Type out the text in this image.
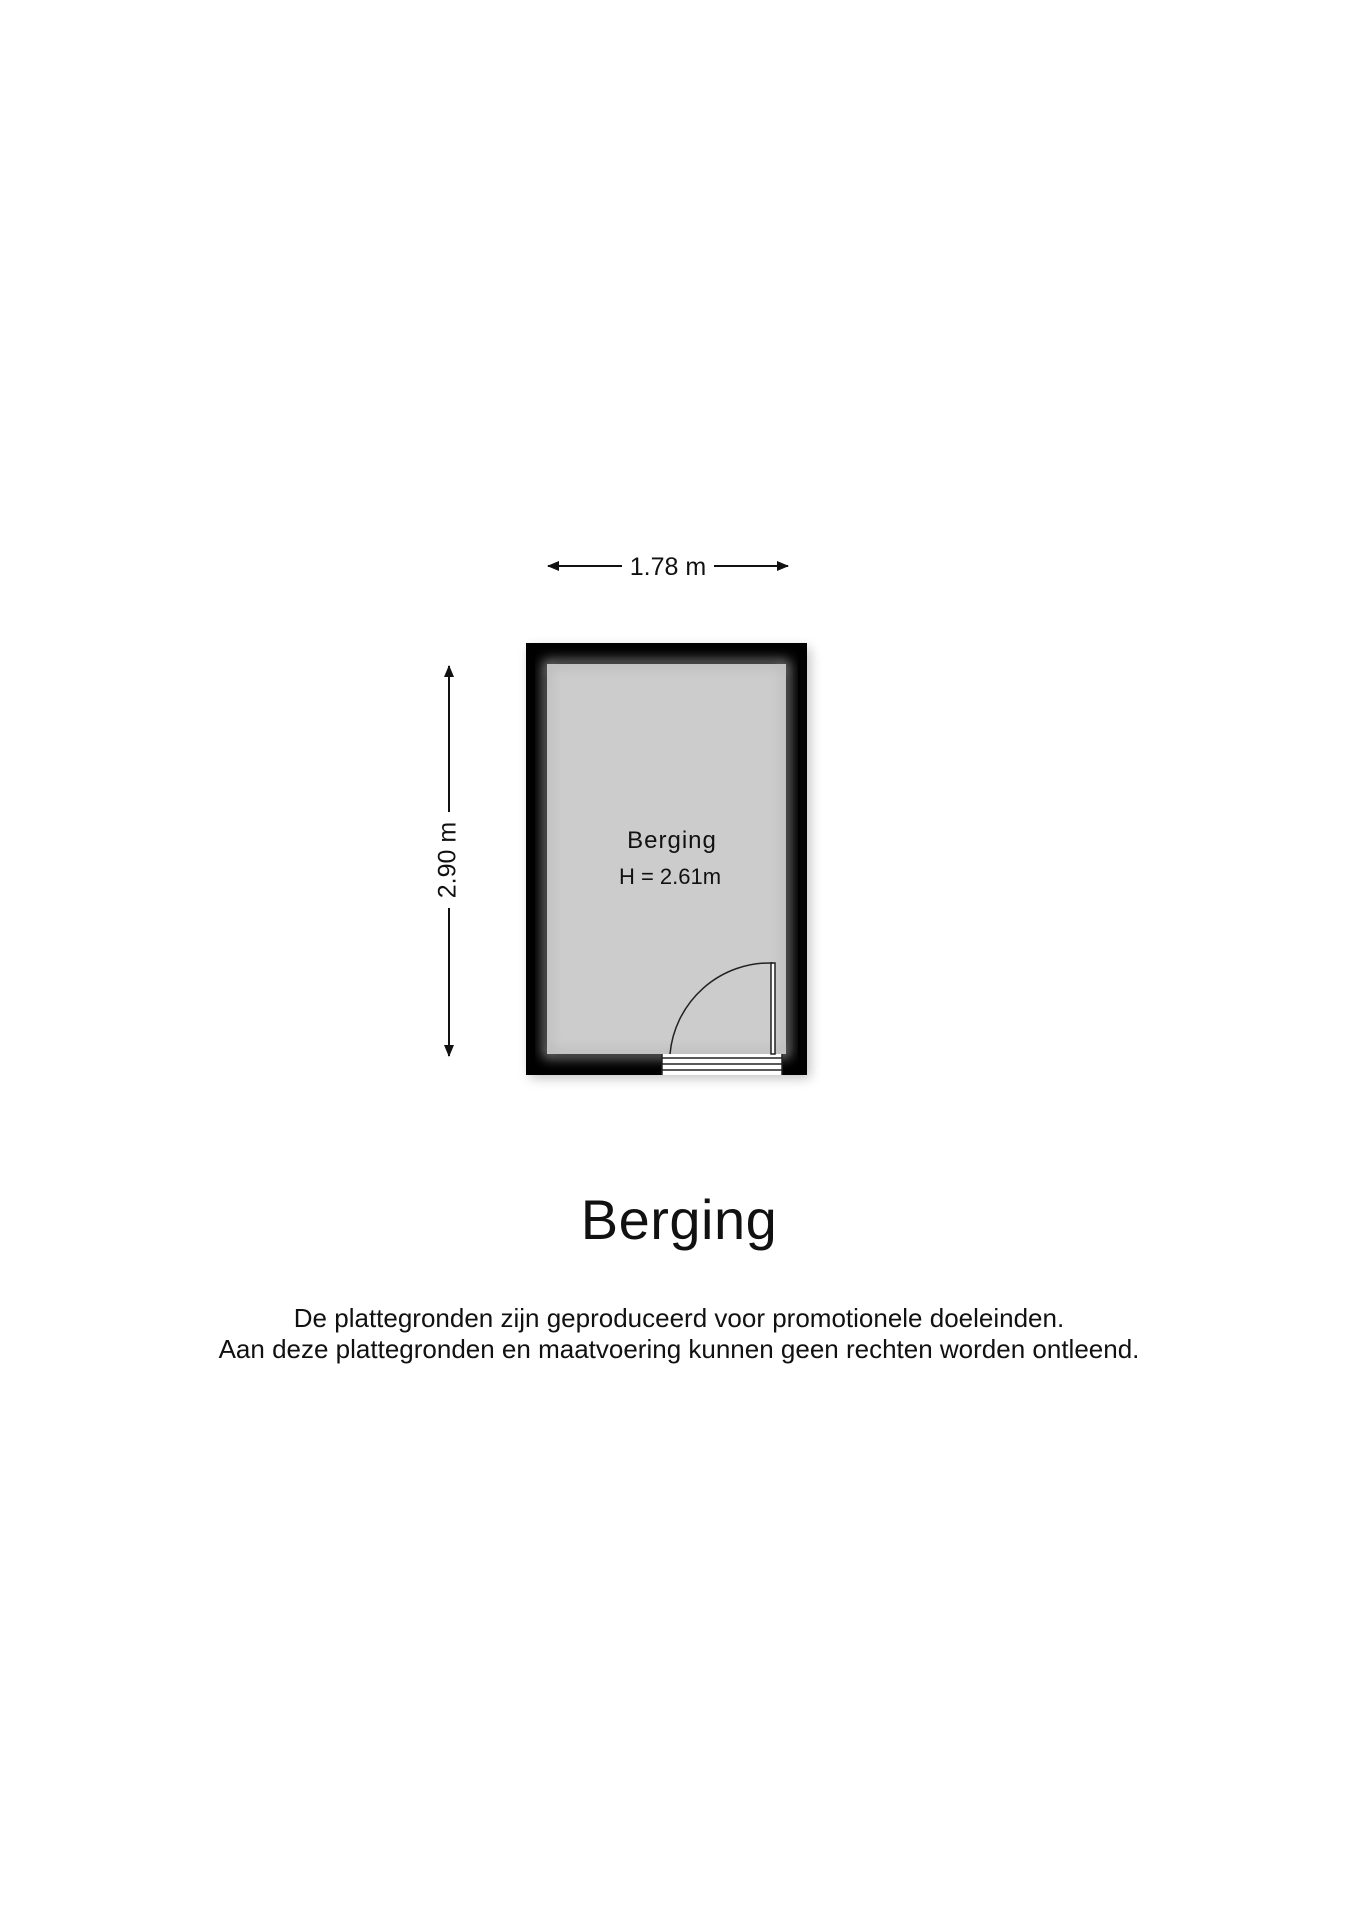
1.78 m
2.90 m	Berging
H = 2.61m
Berging
De plattegronden zijn geproduceerd voor promotionele doeleinden.
Aan deze plattegronden en maatvoering kunnen geen rechten worden ontleend.
